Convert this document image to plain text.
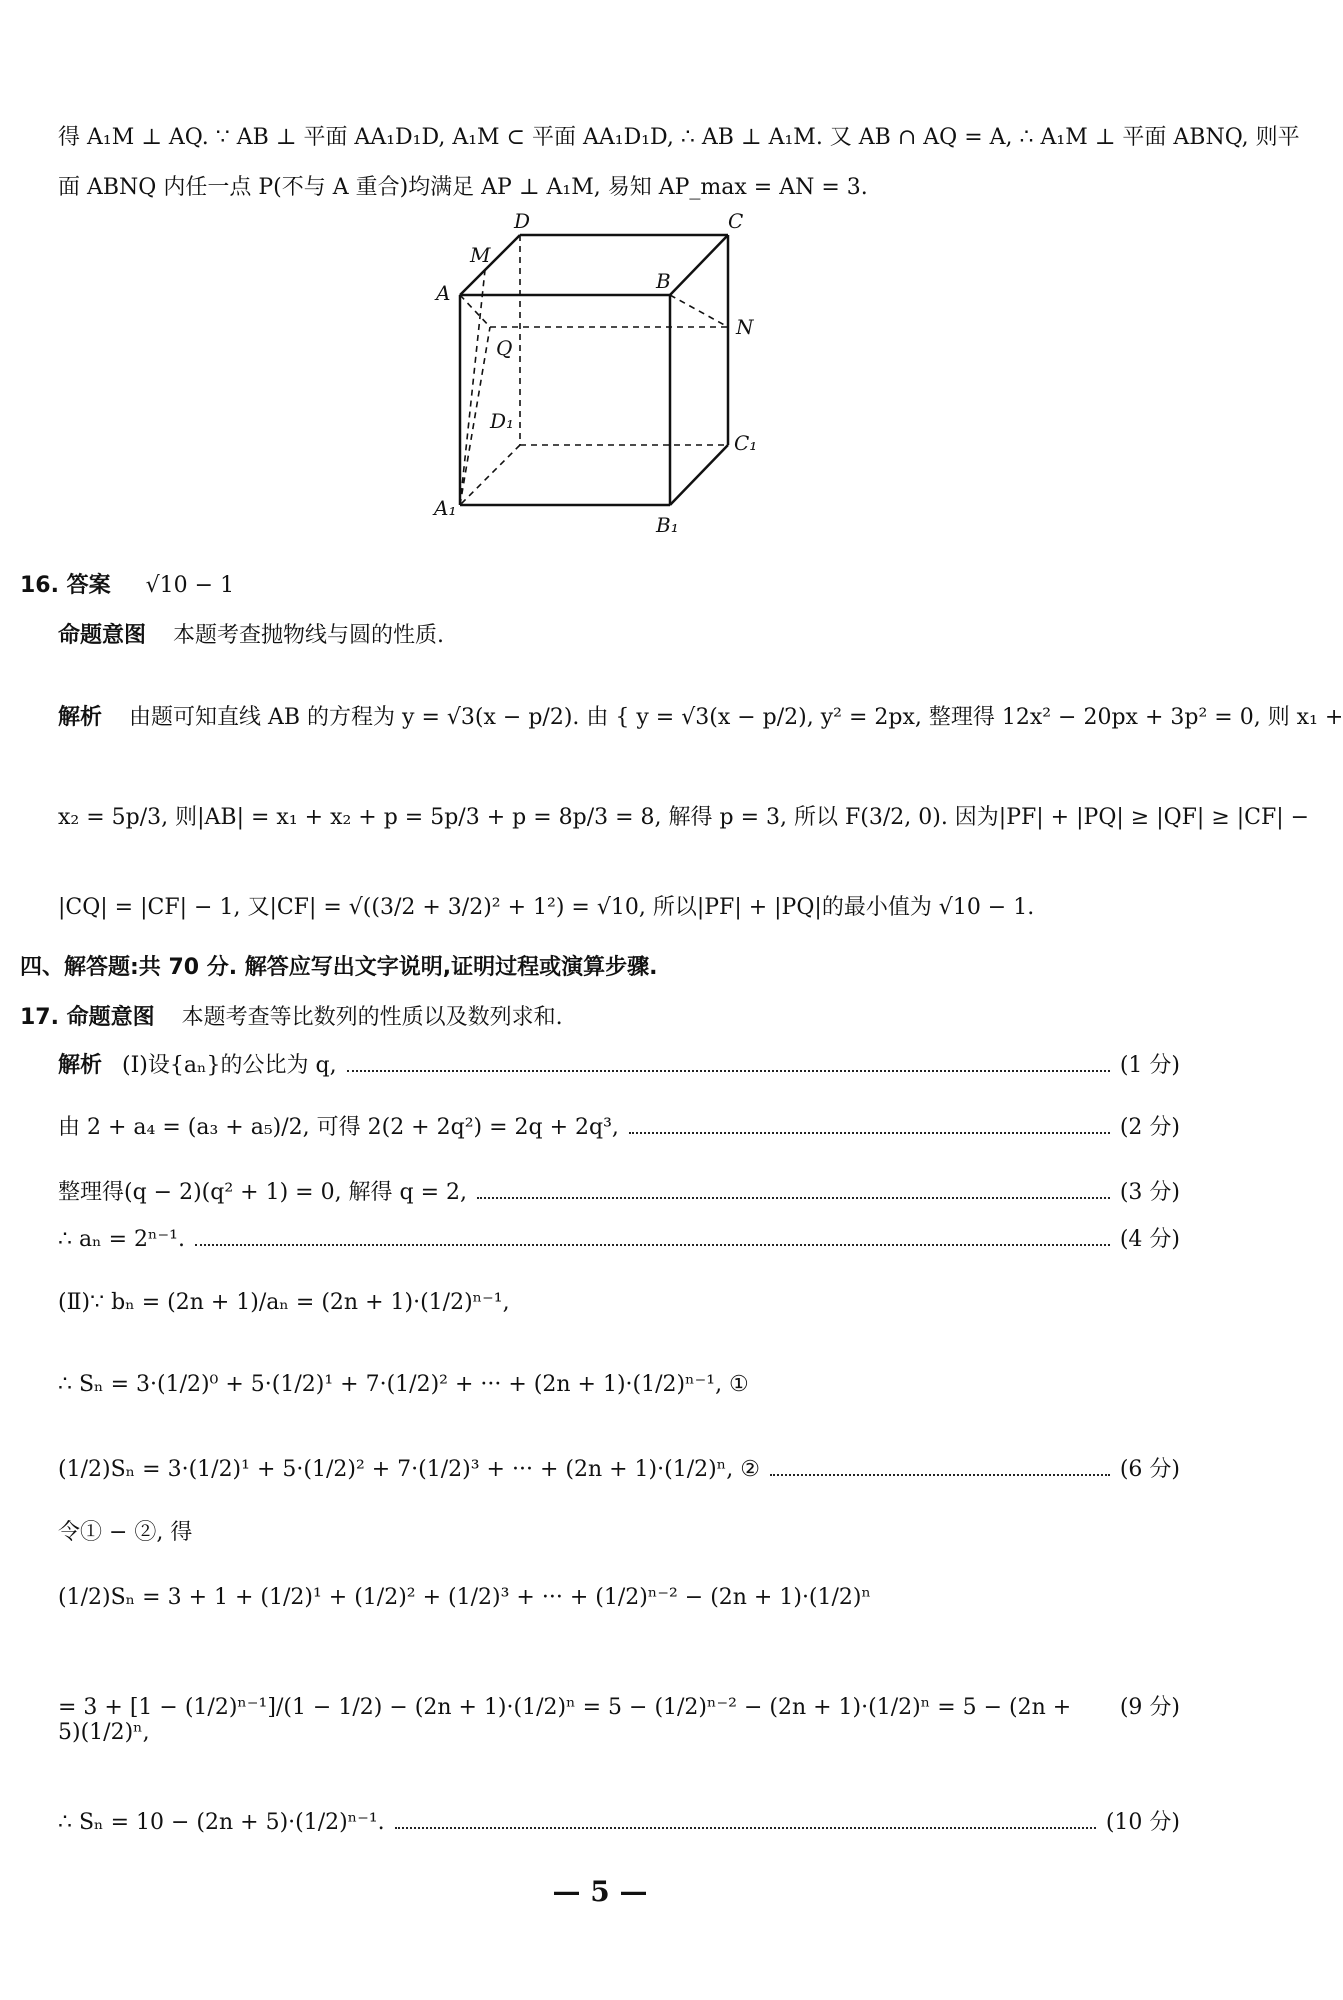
得 A₁M ⊥ AQ. ∵ AB ⊥ 平面 AA₁D₁D, A₁M ⊂ 平面 AA₁D₁D, ∴ AB ⊥ A₁M. 又 AB ∩ AQ = A, ∴ A₁M ⊥ 平面 ABNQ, 则平
面 ABNQ 内任一点 P(不与 A 重合)均满足 AP ⊥ A₁M, 易知 AP_max = AN = 3.
D	C
M
A	B
Q
N
D₁
C₁
A₁
B₁
16. 答案 √10 − 1
命题意图 本题考查抛物线与圆的性质.
解析 由题可知直线 AB 的方程为 y = √3(x − p/2). 由 { y = √3(x − p/2), y² = 2px, 整理得 12x² − 20px + 3p² = 0, 则 x₁ +
x₂ = 5p/3, 则|AB| = x₁ + x₂ + p = 5p/3 + p = 8p/3 = 8, 解得 p = 3, 所以 F(3/2, 0). 因为|PF| + |PQ| ≥ |QF| ≥ |CF| −
|CQ| = |CF| − 1, 又|CF| = √((3/2 + 3/2)² + 1²) = √10, 所以|PF| + |PQ|的最小值为 √10 − 1.
四、解答题:共 70 分. 解答应写出文字说明,证明过程或演算步骤.
17. 命题意图 本题考查等比数列的性质以及数列求和.
解析 (Ⅰ)设{aₙ}的公比为 q,	(1 分)
由 2 + a₄ = (a₃ + a₅)/2, 可得 2(2 + 2q²) = 2q + 2q³,	(2 分)
整理得(q − 2)(q² + 1) = 0, 解得 q = 2,	(3 分)
∴ aₙ = 2ⁿ⁻¹.	(4 分)
(Ⅱ)∵ bₙ = (2n + 1)/aₙ = (2n + 1)·(1/2)ⁿ⁻¹,
∴ Sₙ = 3·(1/2)⁰ + 5·(1/2)¹ + 7·(1/2)² + ··· + (2n + 1)·(1/2)ⁿ⁻¹, ①
(1/2)Sₙ = 3·(1/2)¹ + 5·(1/2)² + 7·(1/2)³ + ··· + (2n + 1)·(1/2)ⁿ, ②	(6 分)
令① − ②, 得
(1/2)Sₙ = 3 + 1 + (1/2)¹ + (1/2)² + (1/2)³ + ··· + (1/2)ⁿ⁻² − (2n + 1)·(1/2)ⁿ
= 3 + [1 − (1/2)ⁿ⁻¹]/(1 − 1/2) − (2n + 1)·(1/2)ⁿ = 5 − (1/2)ⁿ⁻² − (2n + 1)·(1/2)ⁿ = 5 − (2n + 5)(1/2)ⁿ,
(9 分)
∴ Sₙ = 10 − (2n + 5)·(1/2)ⁿ⁻¹.	(10 分)
— 5 —
